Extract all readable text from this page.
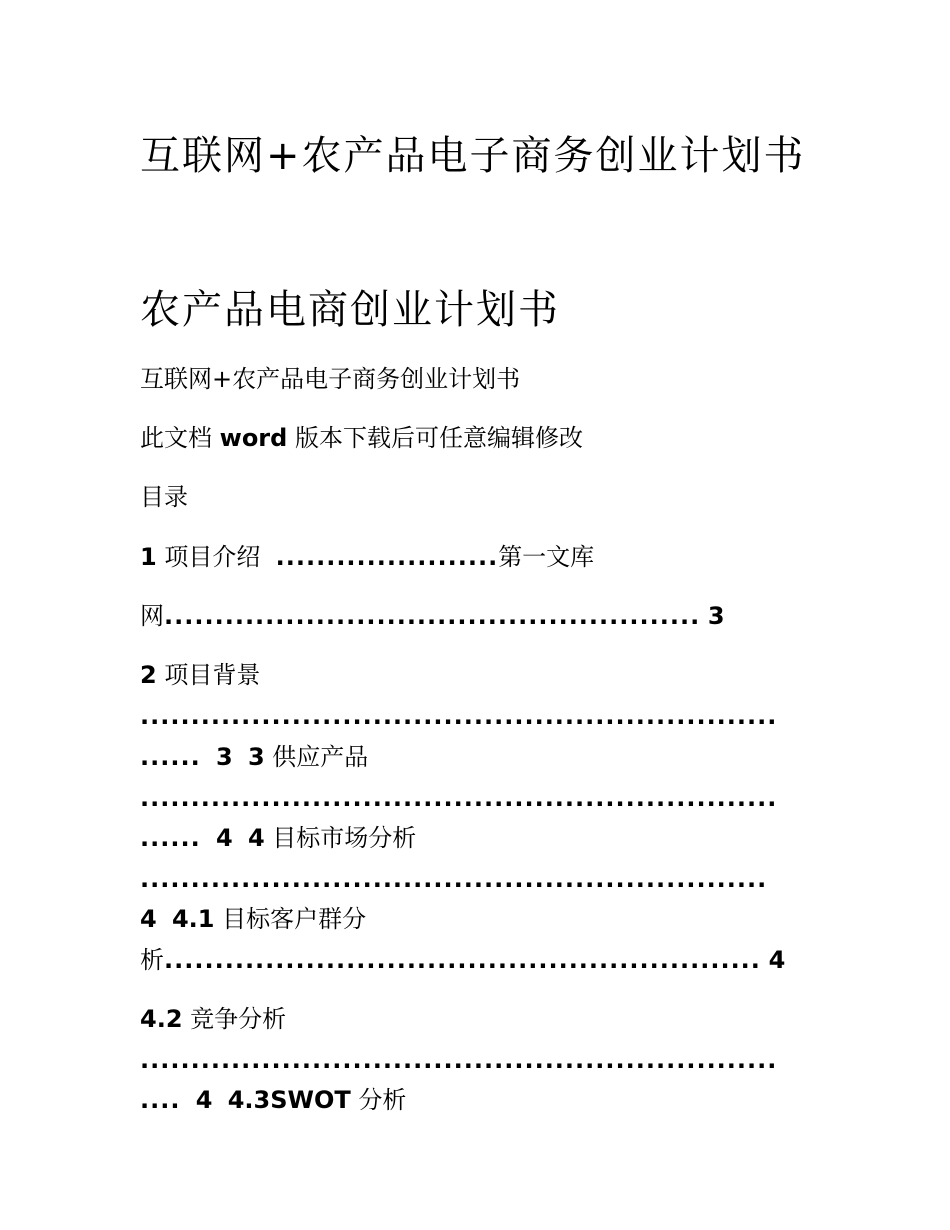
互联网+农产品电子商务创业计划书
农产品电商创业计划书

互联网+农产品电子商务创业计划书

此文档 word 版本下载后可任意编辑修改

目录

1 项目介绍 ......................第一文库

网..................................................... 3

2 项目背景

...............................................................

...... 3 3 供应产品

...............................................................

...... 4 4 目标市场分析

..............................................................

4 4.1 目标客户群分

析........................................................... 4

4.2 竞争分析

...............................................................

.... 4 4.3SWOT 分析
